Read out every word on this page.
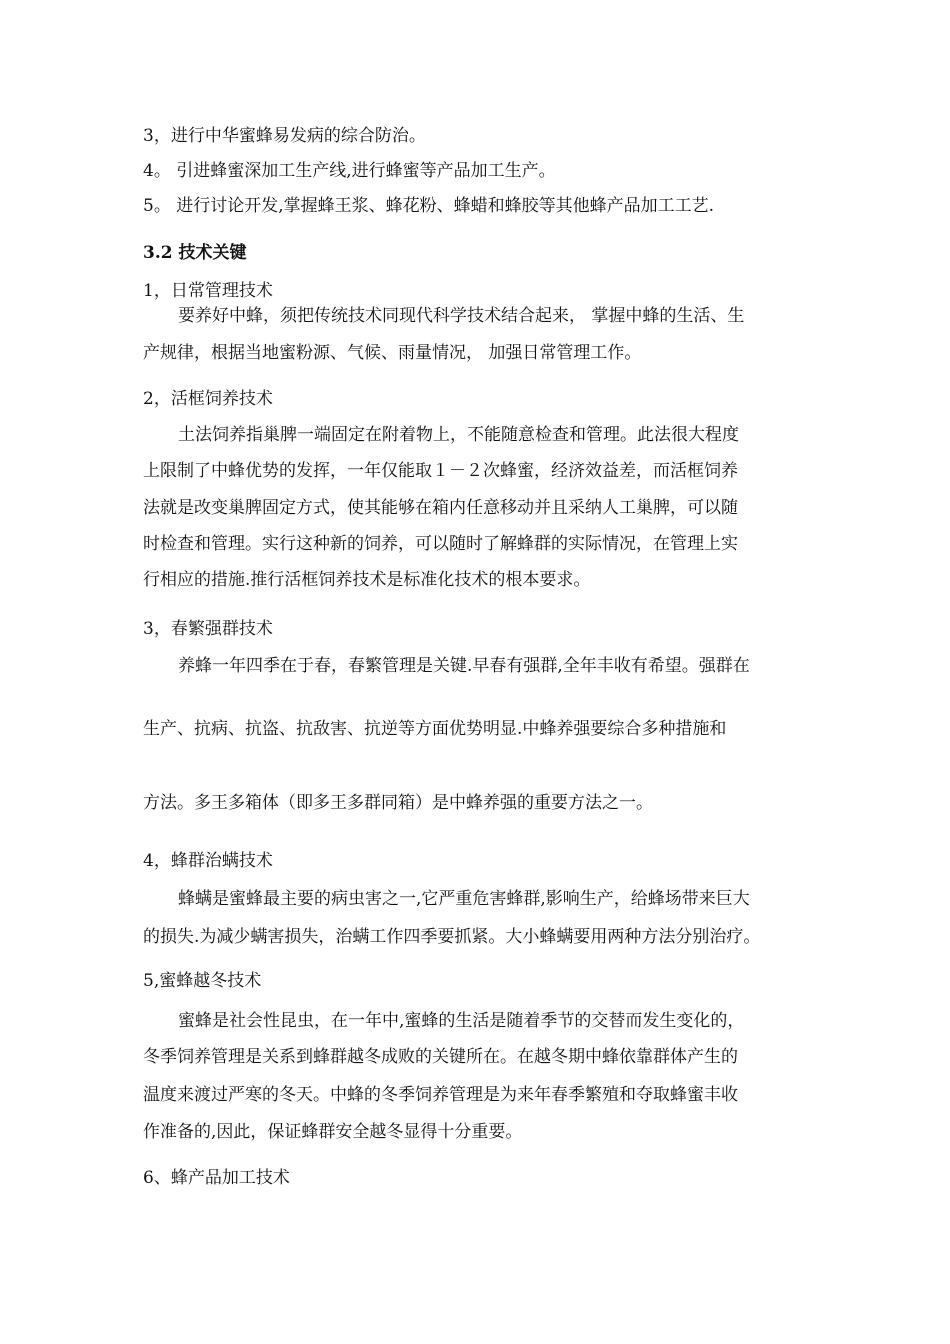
3，进行中华蜜蜂易发病的综合防治。
4。 引进蜂蜜深加工生产线,进行蜂蜜等产品加工生产。
5。 进行讨论开发,掌握蜂王浆、蜂花粉、蜂蜡和蜂胶等其他蜂产品加工工艺.
3.2 技术关键
1，日常管理技术
要养好中蜂，须把传统技术同现代科学技术结合起来， 掌握中蜂的生活、生
产规律，根据当地蜜粉源、气候、雨量情况， 加强日常管理工作。
2，活框饲养技术
土法饲养指巢脾一端固定在附着物上，不能随意检查和管理。此法很大程度
上限制了中蜂优势的发挥，一年仅能取１－２次蜂蜜，经济效益差，而活框饲养
法就是改变巢脾固定方式，使其能够在箱内任意移动并且采纳人工巢脾，可以随
时检查和管理。实行这种新的饲养，可以随时了解蜂群的实际情况，在管理上实
行相应的措施.推行活框饲养技术是标准化技术的根本要求。
3，春繁强群技术
养蜂一年四季在于春，春繁管理是关键.早春有强群,全年丰收有希望。强群在
生产、抗病、抗盗、抗敌害、抗逆等方面优势明显.中蜂养强要综合多种措施和
方法。多王多箱体（即多王多群同箱）是中蜂养强的重要方法之一。
4，蜂群治螨技术
蜂螨是蜜蜂最主要的病虫害之一,它严重危害蜂群,影响生产，给蜂场带来巨大
的损失.为减少螨害损失，治螨工作四季要抓紧。大小蜂螨要用两种方法分别治疗。
5,蜜蜂越冬技术
蜜蜂是社会性昆虫，在一年中,蜜蜂的生活是随着季节的交替而发生变化的，
冬季饲养管理是关系到蜂群越冬成败的关键所在。在越冬期中蜂依靠群体产生的
温度来渡过严寒的冬天。中蜂的冬季饲养管理是为来年春季繁殖和夺取蜂蜜丰收
作准备的,因此，保证蜂群安全越冬显得十分重要。
6、蜂产品加工技术
